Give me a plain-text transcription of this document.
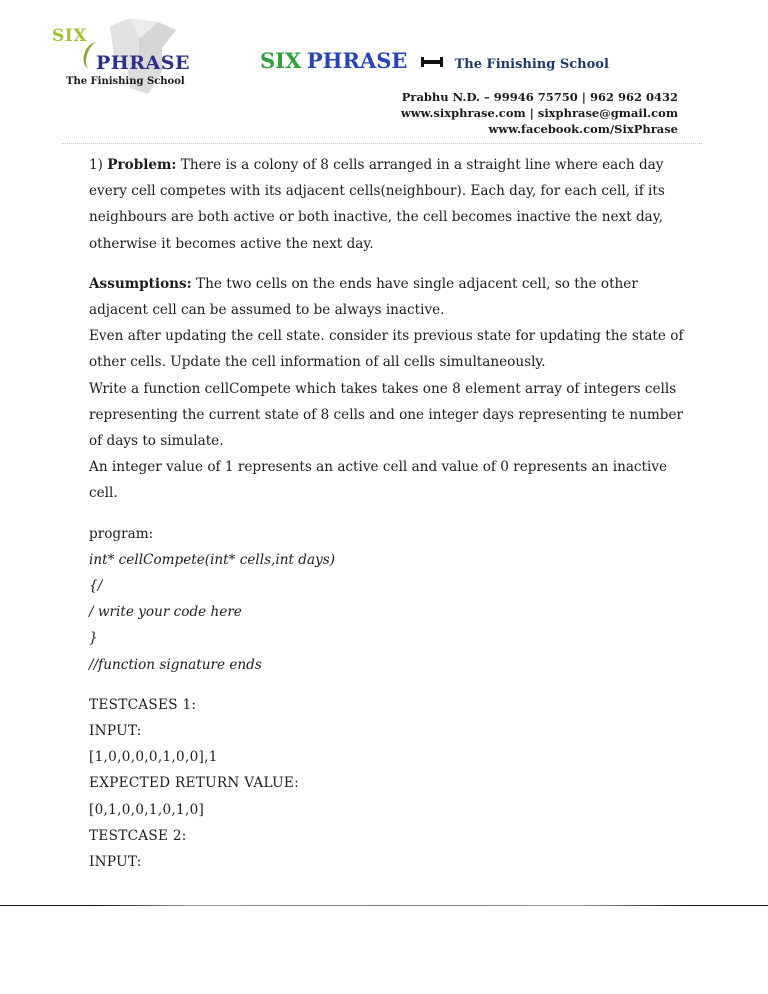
SIX
PHRASE
The Finishing School
SIX PHRASE	The Finishing School
Prabhu N.D. – 99946 75750 | 962 962 0432
www.sixphrase.com | sixphrase@gmail.com
www.facebook.com/SixPhrase

1) Problem: There is a colony of 8 cells arranged in a straight line where each day every cell competes with its adjacent cells(neighbour). Each day, for each cell, if its neighbours are both active or both inactive, the cell becomes inactive the next day, otherwise it becomes active the next day.

Assumptions: The two cells on the ends have single adjacent cell, so the other adjacent cell can be assumed to be always inactive.

Even after updating the cell state. consider its previous state for updating the state of other cells. Update the cell information of all cells simultaneously.

Write a function cellCompete which takes takes one 8 element array of integers cells representing the current state of 8 cells and one integer days representing te number of days to simulate.

An integer value of 1 represents an active cell and value of 0 represents an inactive cell.

program:

int* cellCompete(int* cells,int days)

{/

/ write your code here

}

//function signature ends

TESTCASES 1:

INPUT:

[1,0,0,0,0,1,0,0],1

EXPECTED RETURN VALUE:

[0,1,0,0,1,0,1,0]

TESTCASE 2:

INPUT:
